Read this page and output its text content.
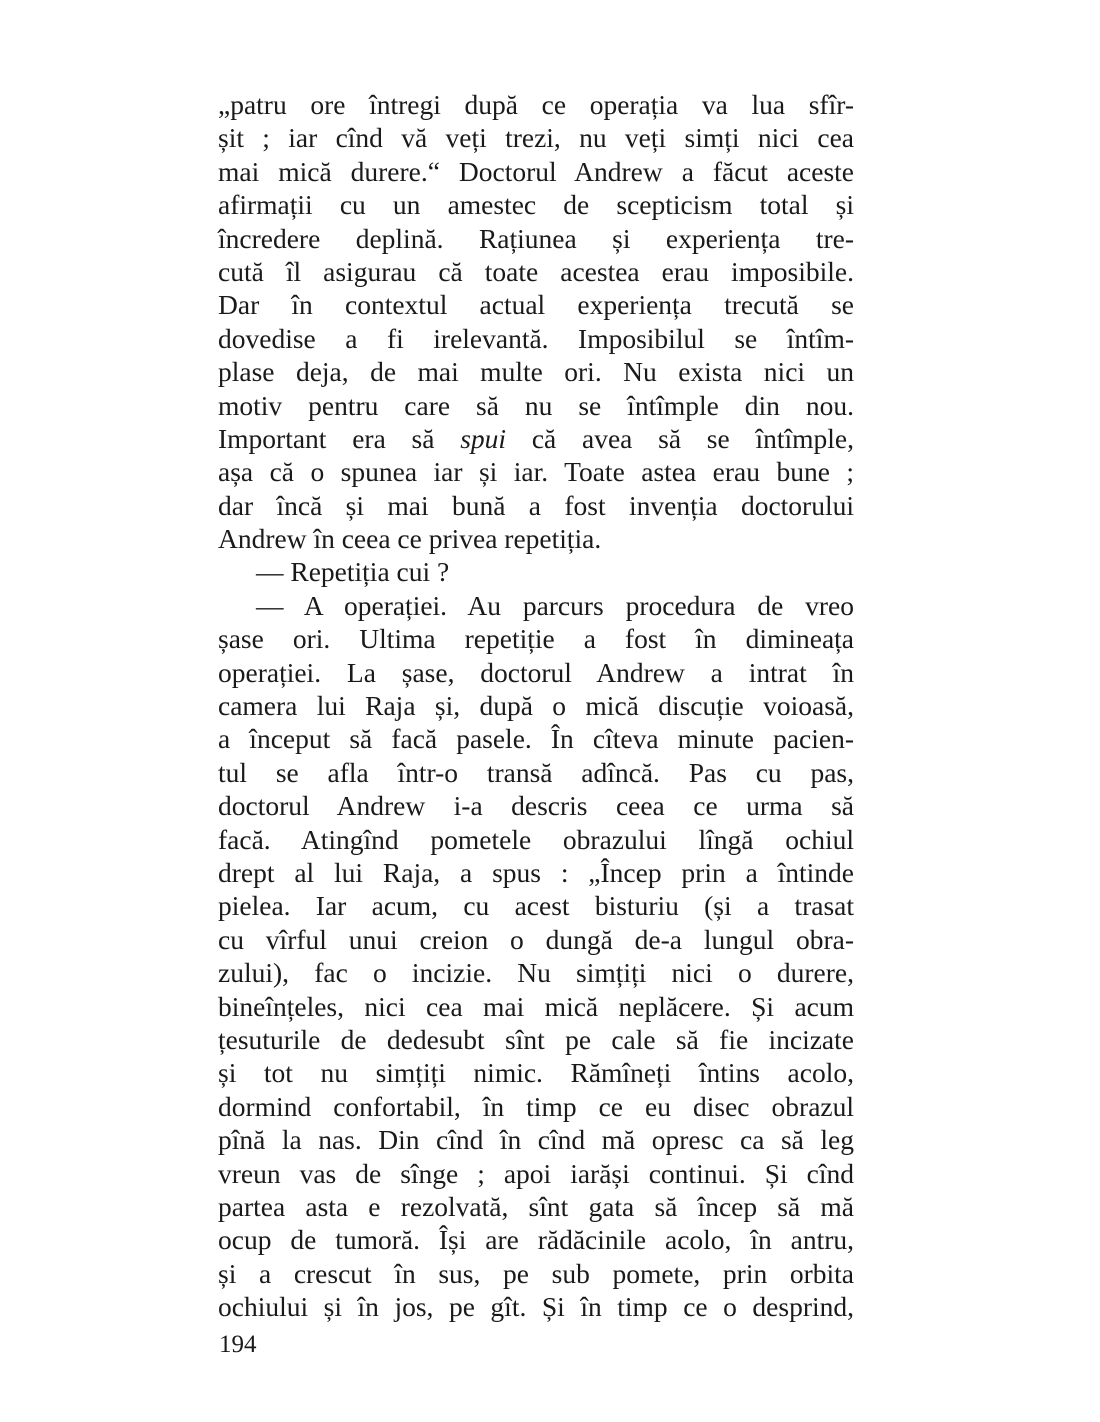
„patru ore întregi după ce operația va lua sfîr-
șit ; iar cînd vă veți trezi, nu veți simți nici cea
mai mică durere.“ Doctorul Andrew a făcut aceste
afirmații cu un amestec de scepticism total și
încredere deplină. Rațiunea și experiența tre-
cută îl asigurau că toate acestea erau imposibile.
Dar în contextul actual experiența trecută se
dovedise a fi irelevantă. Imposibilul se întîm-
plase deja, de mai multe ori. Nu exista nici un
motiv pentru care să nu se întîmple din nou.
Important era să spui că avea să se întîmple,
așa că o spunea iar și iar. Toate astea erau bune ;
dar încă și mai bună a fost invenția doctorului
Andrew în ceea ce privea repetiția.
— Repetiția cui ?
— A operației. Au parcurs procedura de vreo
șase ori. Ultima repetiție a fost în dimineața
operației. La șase, doctorul Andrew a intrat în
camera lui Raja și, după o mică discuție voioasă,
a început să facă pasele. În cîteva minute pacien-
tul se afla într-o transă adîncă. Pas cu pas,
doctorul Andrew i-a descris ceea ce urma să
facă. Atingînd pometele obrazului lîngă ochiul
drept al lui Raja, a spus : „Încep prin a întinde
pielea. Iar acum, cu acest bisturiu (și a trasat
cu vîrful unui creion o dungă de-a lungul obra-
zului), fac o incizie. Nu simțiți nici o durere,
bineînțeles, nici cea mai mică neplăcere. Și acum
țesuturile de dedesubt sînt pe cale să fie incizate
și tot nu simțiți nimic. Rămîneți întins acolo,
dormind confortabil, în timp ce eu disec obrazul
pînă la nas. Din cînd în cînd mă opresc ca să leg
vreun vas de sînge ; apoi iarăși continui. Și cînd
partea asta e rezolvată, sînt gata să încep să mă
ocup de tumoră. Își are rădăcinile acolo, în antru,
și a crescut în sus, pe sub pomete, prin orbita
ochiului și în jos, pe gît. Și în timp ce o desprind,
194
